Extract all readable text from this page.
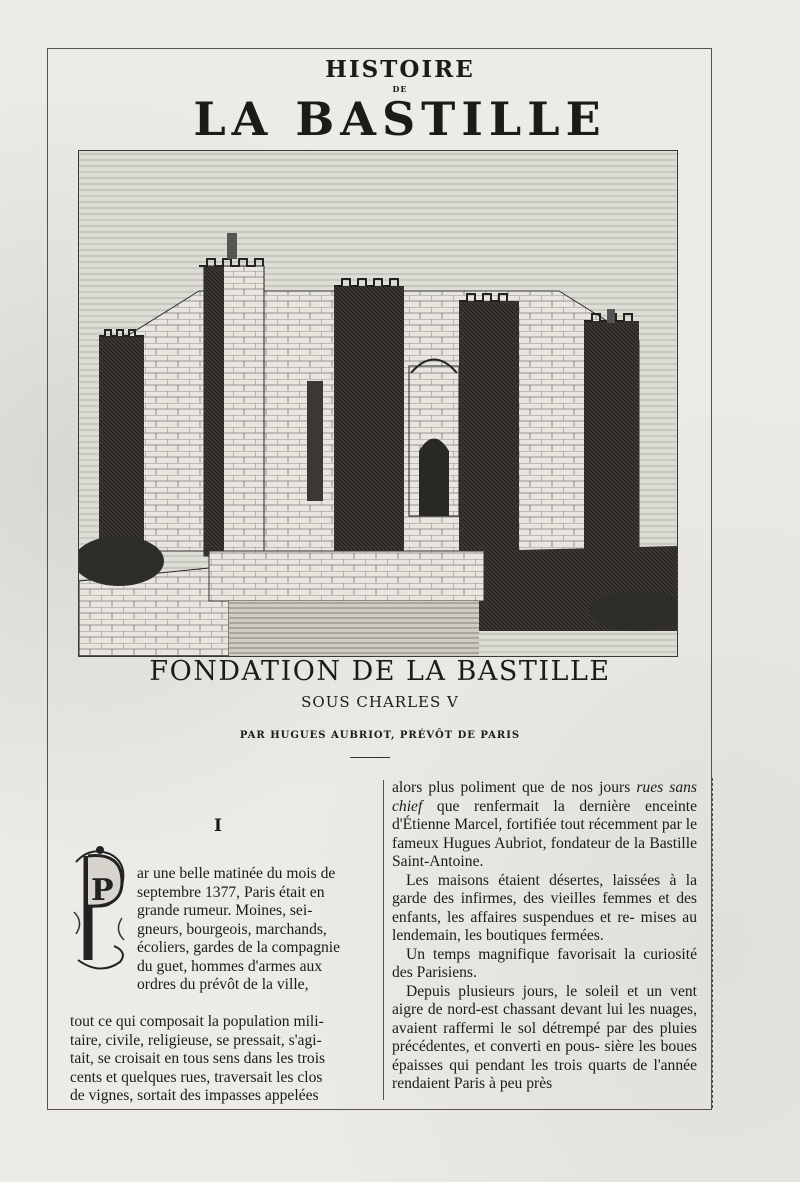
HISTOIRE
DE
LA BASTILLE
FONDATION DE LA BASTILLE
SOUS CHARLES V
PAR HUGUES AUBRIOT, PRÉVÔT DE PARIS
I
P ar une belle matinée du mois de

septembre 1377, Paris était en

grande rumeur. Moines, sei-

gneurs, bourgeois, marchands,

écoliers, gardes de la compagnie

du guet, hommes d'armes aux

ordres du prévôt de la ville,

tout ce qui composait la population mili-

taire, civile, religieuse, se pressait, s'agi-

tait, se croisait en tous sens dans les trois

cents et quelques rues, traversait les clos

de vignes, sortait des impasses appelées

alors plus poliment que de nos jours rues sans chief que renfermait la dernière enceinte d'Étienne Marcel, fortifiée tout récemment par le fameux Hugues Aubriot, fondateur de la Bastille Saint-Antoine.

Les maisons étaient désertes, laissées à la garde des infirmes, des vieilles femmes et des enfants, les affaires suspendues et re- mises au lendemain, les boutiques fermées.

Un temps magnifique favorisait la curiosité des Parisiens.

Depuis plusieurs jours, le soleil et un vent aigre de nord-est chassant devant lui les nuages, avaient raffermi le sol détrempé par des pluies précédentes, et converti en pous- sière les boues épaisses qui pendant les trois quarts de l'année rendaient Paris à peu près
